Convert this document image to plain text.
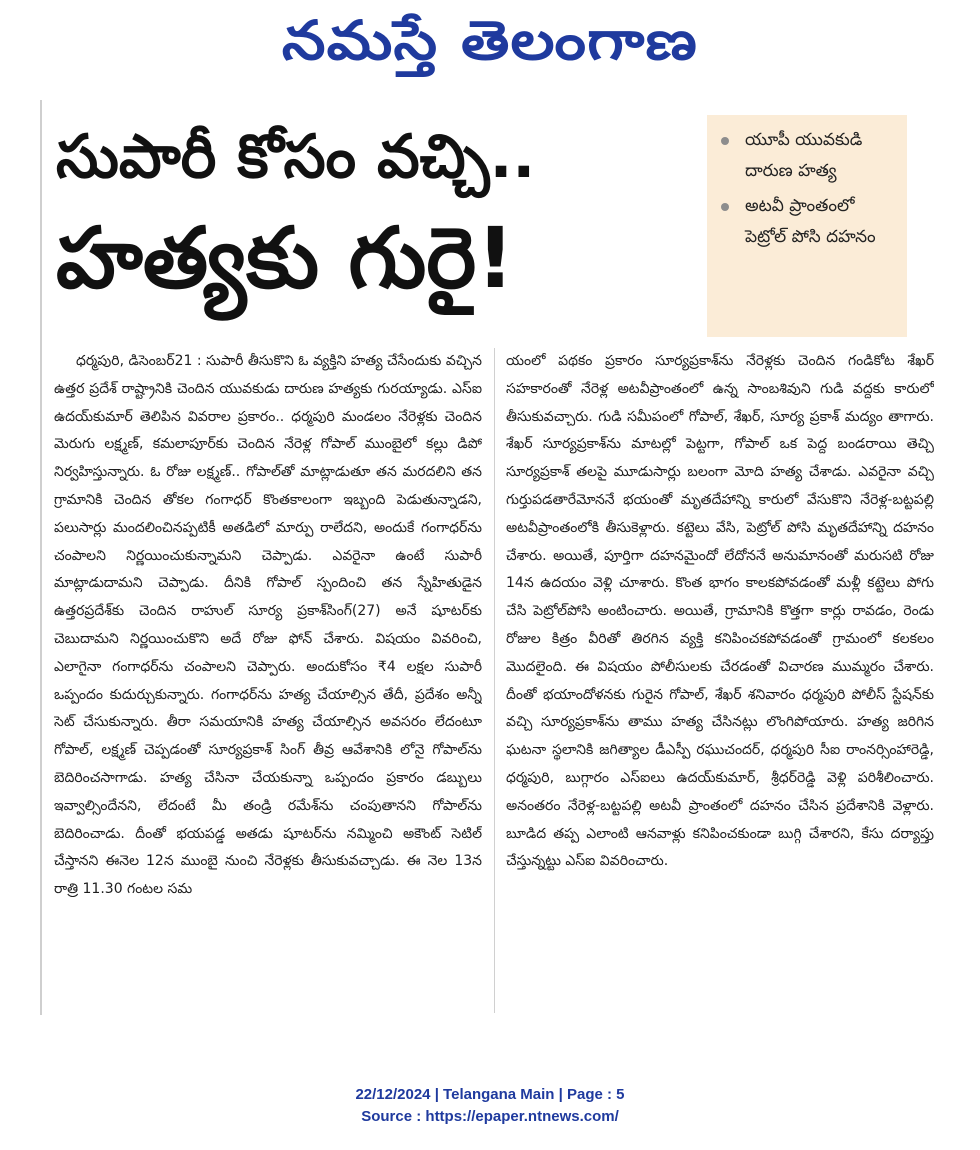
నమస్తే తెలంగాణ
సుపారీ కోసం వచ్చి..
హత్యకు గురై!
యూపీ యువకుడి దారుణ హత్య
అటవీ ప్రాంతంలో పెట్రోల్ పోసి దహనం
ధర్మపురి, డిసెంబర్21 : సుపారీ తీసుకొని ఓ వ్యక్తిని హత్య చేసేందుకు వచ్చిన ఉత్తర ప్రదేశ్ రాష్ట్రానికి చెందిన యువకుడు దారుణ హత్యకు గురయ్యాడు. ఎస్ఐ ఉదయ్‌కుమార్ తెలిపిన వివరాల ప్రకారం.. ధర్మపురి మండలం నేరెళ్లకు చెందిన మెరుగు లక్ష్మణ్, కమలాపూర్‌కు చెందిన నేరెళ్ల గోపాల్ ముంబైలో కల్లు డిపో నిర్వహిస్తున్నారు. ఓ రోజు లక్ష్మణ్.. గోపాల్‌తో మాట్లాడుతూ తన మరదలిని తన గ్రామానికి చెందిన తోకల గంగాధర్ కొంతకాలంగా ఇబ్బంది పెడుతున్నాడని, పలుసార్లు మందలించినప్పటికీ అతడిలో మార్పు రాలేదని, అందుకే గంగాధర్‌ను చంపాలని నిర్ణయించుకున్నామని చెప్పాడు. ఎవరైనా ఉంటే సుపారీ మాట్లాడుదామని చెప్పాడు. దీనికి గోపాల్ స్పందించి తన స్నేహితుడైన ఉత్తరప్రదేశ్‌కు చెందిన రాహుల్ సూర్య ప్రకాశ్‌సింగ్(27) అనే షూటర్‌కు చెబుదామని నిర్ణయించుకొని అదే రోజు ఫోన్ చేశారు. విషయం వివరించి, ఎలాగైనా గంగాధర్‌ను చంపాలని చెప్పారు. అందుకోసం ₹4 లక్షల సుపారీ ఒప్పందం కుదుర్చుకున్నారు. గంగాధర్‌ను హత్య చేయాల్సిన తేదీ, ప్రదేశం అన్నీ సెట్ చేసుకున్నారు. తీరా సమయానికి హత్య చేయాల్సిన అవసరం లేదంటూ గోపాల్, లక్ష్మణ్ చెప్పడంతో సూర్యప్రకాశ్ సింగ్ తీవ్ర ఆవేశానికి లోనై గోపాల్‌ను బెదిరించసాగాడు. హత్య చేసినా చేయకున్నా ఒప్పందం ప్రకారం డబ్బులు ఇవ్వాల్సిందేనని, లేదంటే మీ తండ్రి రమేశ్‌ను చంపుతానని గోపాల్‌ను బెదిరించాడు. దీంతో భయపడ్డ అతడు షూటర్‌ను నమ్మించి అకౌంట్ సెటిల్ చేస్తానని ఈనెల 12న ముంబై నుంచి నేరెళ్లకు తీసుకువచ్చాడు. ఈ నెల 13న రాత్రి 11.30 గంటల సమ
యంలో పథకం ప్రకారం సూర్యప్రకాశ్‌ను నేరెళ్లకు చెందిన గండికోట శేఖర్ సహకారంతో నేరెళ్ల అటవీప్రాంతంలో ఉన్న సాంబశివుని గుడి వద్దకు కారులో తీసుకువచ్చారు. గుడి సమీపంలో గోపాల్, శేఖర్, సూర్య ప్రకాశ్ మద్యం తాగారు. శేఖర్ సూర్యప్రకాశ్‌ను మాటల్లో పెట్టగా, గోపాల్ ఒక పెద్ద బండరాయి తెచ్చి సూర్యప్రకాశ్ తలపై మూడుసార్లు బలంగా మోది హత్య చేశాడు. ఎవరైనా వచ్చి గుర్తుపడతారేమోననే భయంతో మృతదేహాన్ని కారులో వేసుకొని నేరెళ్ల-బట్టపల్లి అటవీప్రాంతంలోకి తీసుకెళ్లారు. కట్టెలు వేసి, పెట్రోల్ పోసి మృతదేహాన్ని దహనం చేశారు. అయితే, పూర్తిగా దహనమైందో లేదోననే అనుమానంతో మరుసటి రోజు 14న ఉదయం వెళ్లి చూశారు. కొంత భాగం కాలకపోవడంతో మళ్లీ కట్టెలు పోగు చేసి పెట్రోల్‌పోసి అంటించారు. అయితే, గ్రామానికి కొత్తగా కార్లు రావడం, రెండు రోజుల కిత్రం వీరితో తిరగిన వ్యక్తి కనిపించకపోవడంతో గ్రామంలో కలకలం మొదలైంది. ఈ విషయం పోలీసులకు చేరడంతో విచారణ ముమ్మరం చేశారు. దీంతో భయాందోళనకు గురైన గోపాల్, శేఖర్ శనివారం ధర్మపురి పోలీస్ స్టేషన్‌కు వచ్చి సూర్యప్రకాశ్‌ను తాము హత్య చేసినట్లు లొంగిపోయారు. హత్య జరిగిన ఘటనా స్థలానికి జగిత్యాల డీఎస్పీ రఘుచందర్, ధర్మపురి సీఐ రాంనర్సింహారెడ్డి, ధర్మపురి, బుగ్గారం ఎస్ఐలు ఉదయ్‌కుమార్, శ్రీధర్‌రెడ్డి వెళ్లి పరిశీలించారు. అనంతరం నేరెళ్ల-బట్టపల్లి అటవీ ప్రాంతంలో దహనం చేసిన ప్రదేశానికి వెళ్లారు. బూడిద తప్ప ఎలాంటి ఆనవాళ్లు కనిపించకుండా బుగ్గి చేశారని, కేసు దర్యాప్తు చేస్తున్నట్టు ఎస్ఐ వివరించారు.
22/12/2024 | Telangana Main | Page : 5
Source : https://epaper.ntnews.com/
